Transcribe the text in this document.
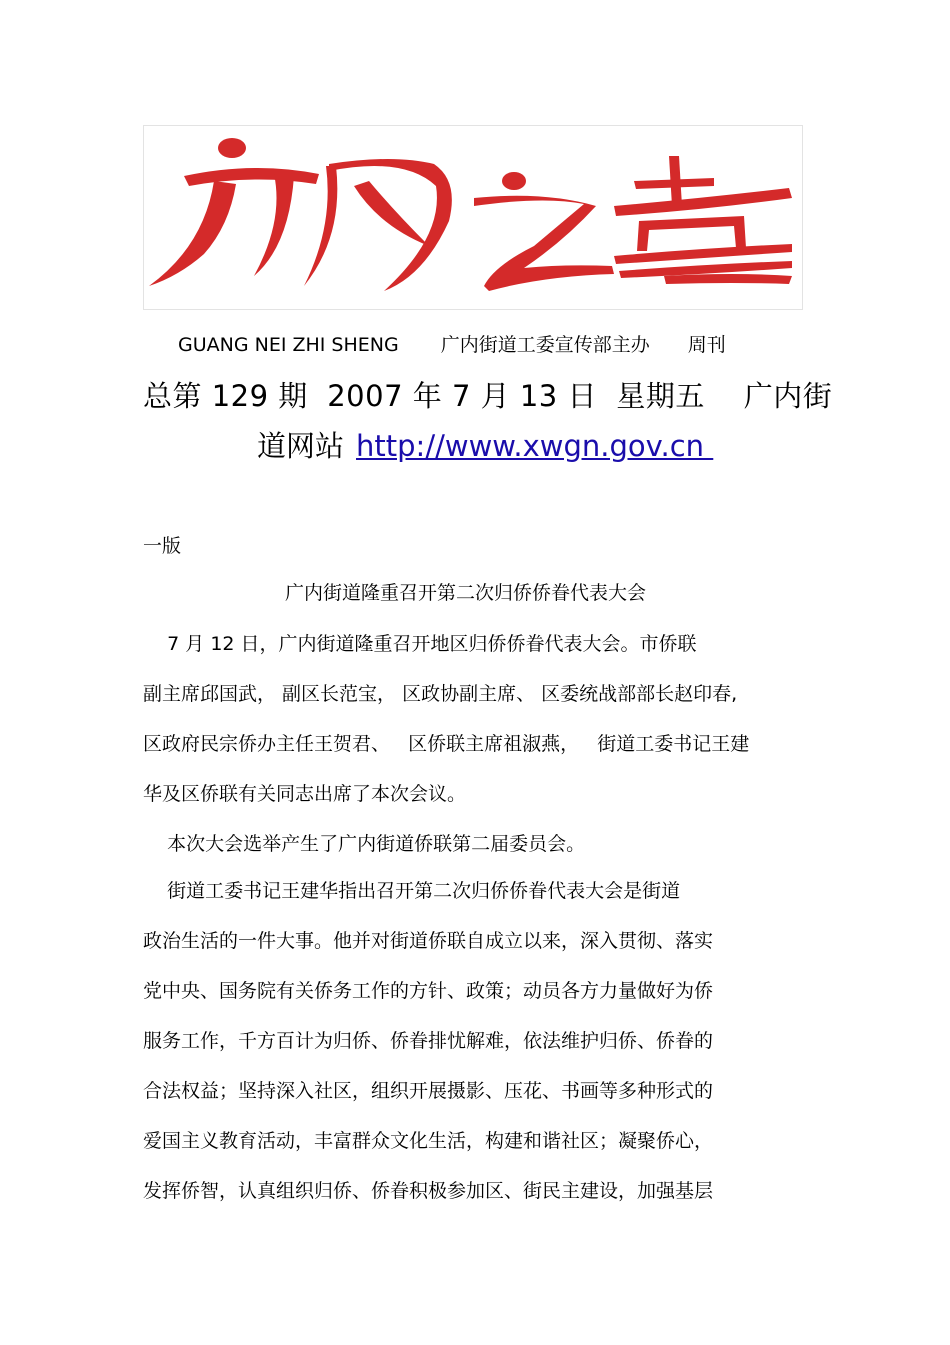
GUANG NEI ZHI SHENG 广内街道工委宣传部主办 周刊
总第 129 期  2007 年 7 月 13 日  星期五    广内街
道网站 http://www.xwgn.gov.cn
一版
广内街道隆重召开第二次归侨侨眷代表大会
7 月 12 日，广内街道隆重召开地区归侨侨眷代表大会。市侨联
副主席邱国武， 副区长范宝， 区政协副主席、 区委统战部部长赵印春,
区政府民宗侨办主任王贺君、   区侨联主席祖淑燕，   街道工委书记王建
华及区侨联有关同志出席了本次会议。
本次大会选举产生了广内街道侨联第二届委员会。
街道工委书记王建华指出召开第二次归侨侨眷代表大会是街道
政治生活的一件大事。他并对街道侨联自成立以来，深入贯彻、落实
党中央、国务院有关侨务工作的方针、政策；动员各方力量做好为侨
服务工作，千方百计为归侨、侨眷排忧解难，依法维护归侨、侨眷的
合法权益；坚持深入社区，组织开展摄影、压花、书画等多种形式的
爱国主义教育活动，丰富群众文化生活，构建和谐社区；凝聚侨心，
发挥侨智，认真组织归侨、侨眷积极参加区、街民主建设，加强基层
